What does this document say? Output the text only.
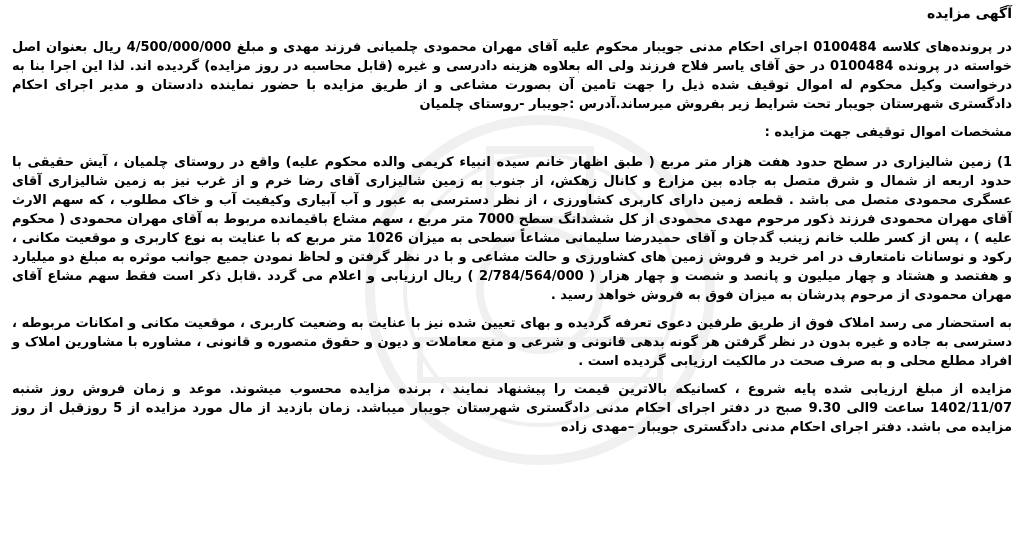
آگهی مزایده

در پرونده‌های کلاسه 0100484 اجرای احکام مدنی جویبار محکوم علیه آقای مهران محمودی چلمیانی فرزند مهدی و مبلغ 4/500/000/000 ریال بعنوان اصل خواسته در پرونده 0100484 در حق آقای یاسر فلاح فرزند ولی اله بعلاوه هزینه دادرسی و غیره (قابل محاسبه در روز مزایده) گردیده اند. لذا این اجرا بنا به درخواست وکیل محکوم له اموال توقیف شده ذیل را جهت تامین آن بصورت مشاعی و از طریق مزایده با حضور نماینده دادستان و مدیر اجرای احکام دادگستری شهرستان جویبار تحت شرایط زیر بفروش میرساند.آدرس :جویبار -روستای چلمیان

مشخصات اموال توقیفی جهت مزایده :

1) زمین شالیزاری در سطح حدود هفت هزار متر مربع ( طبق اظهار خانم سیده انبیاء کریمی والده محکوم علیه) واقع در روستای چلمیان ، آیش حقیقی با حدود اربعه از شمال و شرق متصل به جاده بین مزارع و کانال زهکش، از جنوب به زمین شالیزاری آقای رضا خرم و از غرب نیز به زمین شالیزاری آقای عسگری محمودی متصل می باشد . قطعه زمین دارای کاربری کشاورزی ، از نظر دسترسی به عبور و آب آبیاری وکیفیت آب و خاک مطلوب ، که سهم الارث آقای مهران محمودی فرزند ذکور مرحوم مهدی محمودی از کل ششدانگ سطح 7000 متر مربع ، سهم مشاع باقیمانده مربوط به آقای مهران محمودی ( محکوم علیه ) ، پس از کسر طلب خانم زینب گدجان و آقای حمیدرضا سلیمانی مشاعاً سطحی به میزان 1026 متر مربع که با عنایت به نوع کاربری و موقعیت مکانی ، رکود و نوسانات نامتعارف در امر خرید و فروش زمین های کشاورزی و حالت مشاعی و با در نظر گرفتن و لحاظ نمودن جمیع جوانب موثره به مبلغ دو میلیارد و هفتصد و هشتاد و چهار میلیون و پانصد و شصت و چهار هزار ( 2/784/564/000 ) ریال ارزیابی و اعلام می گردد .قابل ذکر است فقط سهم مشاع آقای مهران محمودی از مرحوم پدرشان به میزان فوق به فروش خواهد رسید .

به استحضار می رسد املاک فوق از طریق طرفین دعوی تعرفه گردیده و بهای تعیین شده نیز با عنایت به وضعیت کاربری ، موقعیت مکانی و امکانات مربوطه ، دسترسی به جاده و غیره بدون در نظر گرفتن هر گونه بدهی قانونی و شرعی و منع معاملات و دیون و حقوق متصوره و قانونی ، مشاوره با مشاورین املاک و افراد مطلع محلی و به صرف صحت در مالکیت ارزیابی گردیده است .

مزایده از مبلغ ارزیابی شده پایه شروع ، کسانیکه بالاترین قیمت را پیشنهاد نمایند ، برنده مزایده محسوب میشوند. موعد و زمان فروش روز شنبه 1402/11/07 ساعت 9الی 9.30 صبح در دفتر اجرای احکام مدنی دادگستری شهرستان جویبار میباشد. زمان بازدید از مال مورد مزایده از 5 روزقبل از روز مزایده می باشد. دفتر اجرای احکام مدنی دادگستری جویبار –مهدی زاده
